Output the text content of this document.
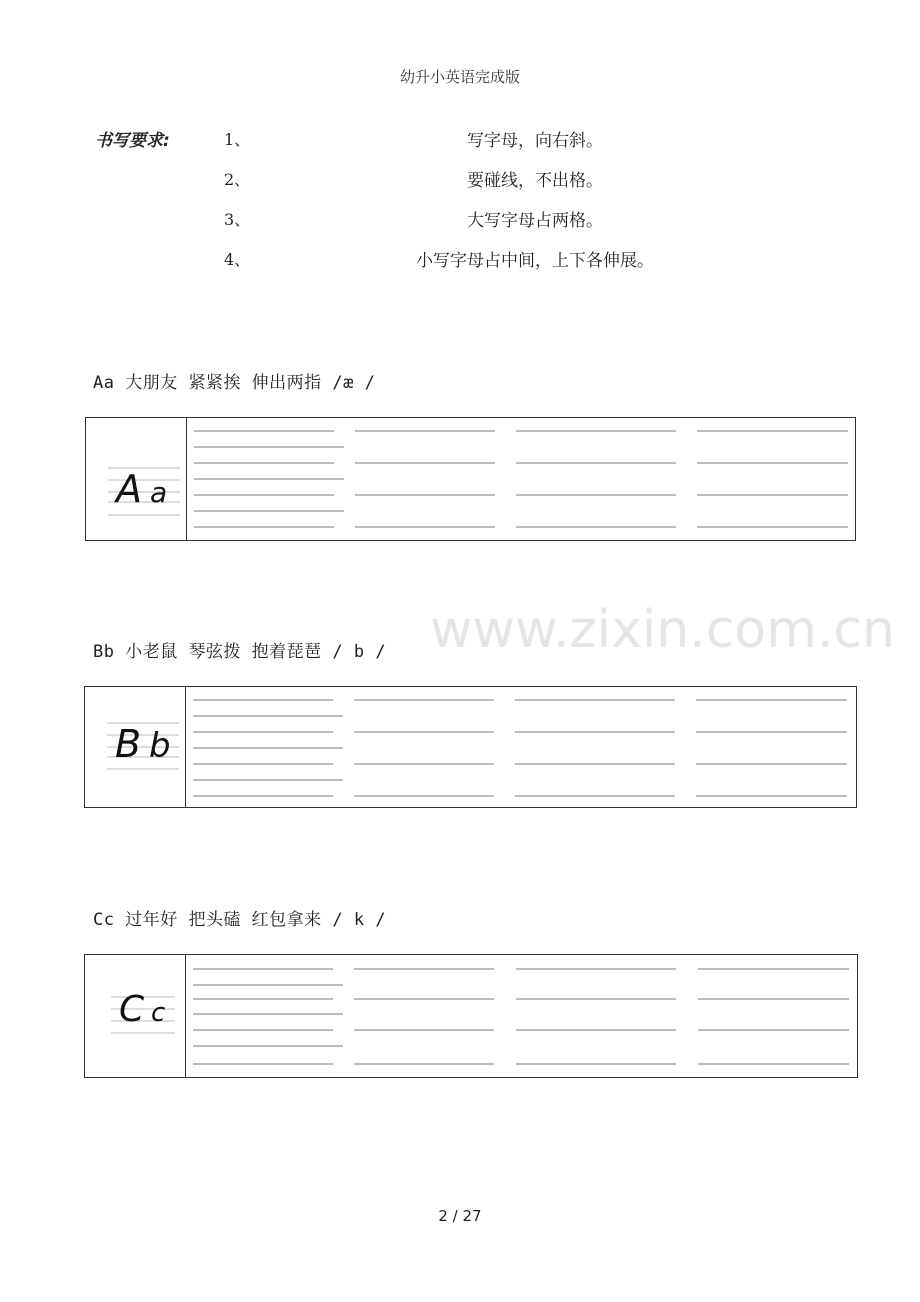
幼升小英语完成版
书写要求:	1、	写字母，向右斜。
2、	要碰线，不出格。
3、	大写字母占两格。
4、	小写字母占中间，上下各伸展。
www.zixin.com.cn
Aa 大朋友 紧紧挨 伸出两指 /æ /
A a
Bb 小老鼠 琴弦拨 抱着琵琶 / b /
B b
Cc 过年好 把头磕 红包拿来 / k /
C c
2 / 27
